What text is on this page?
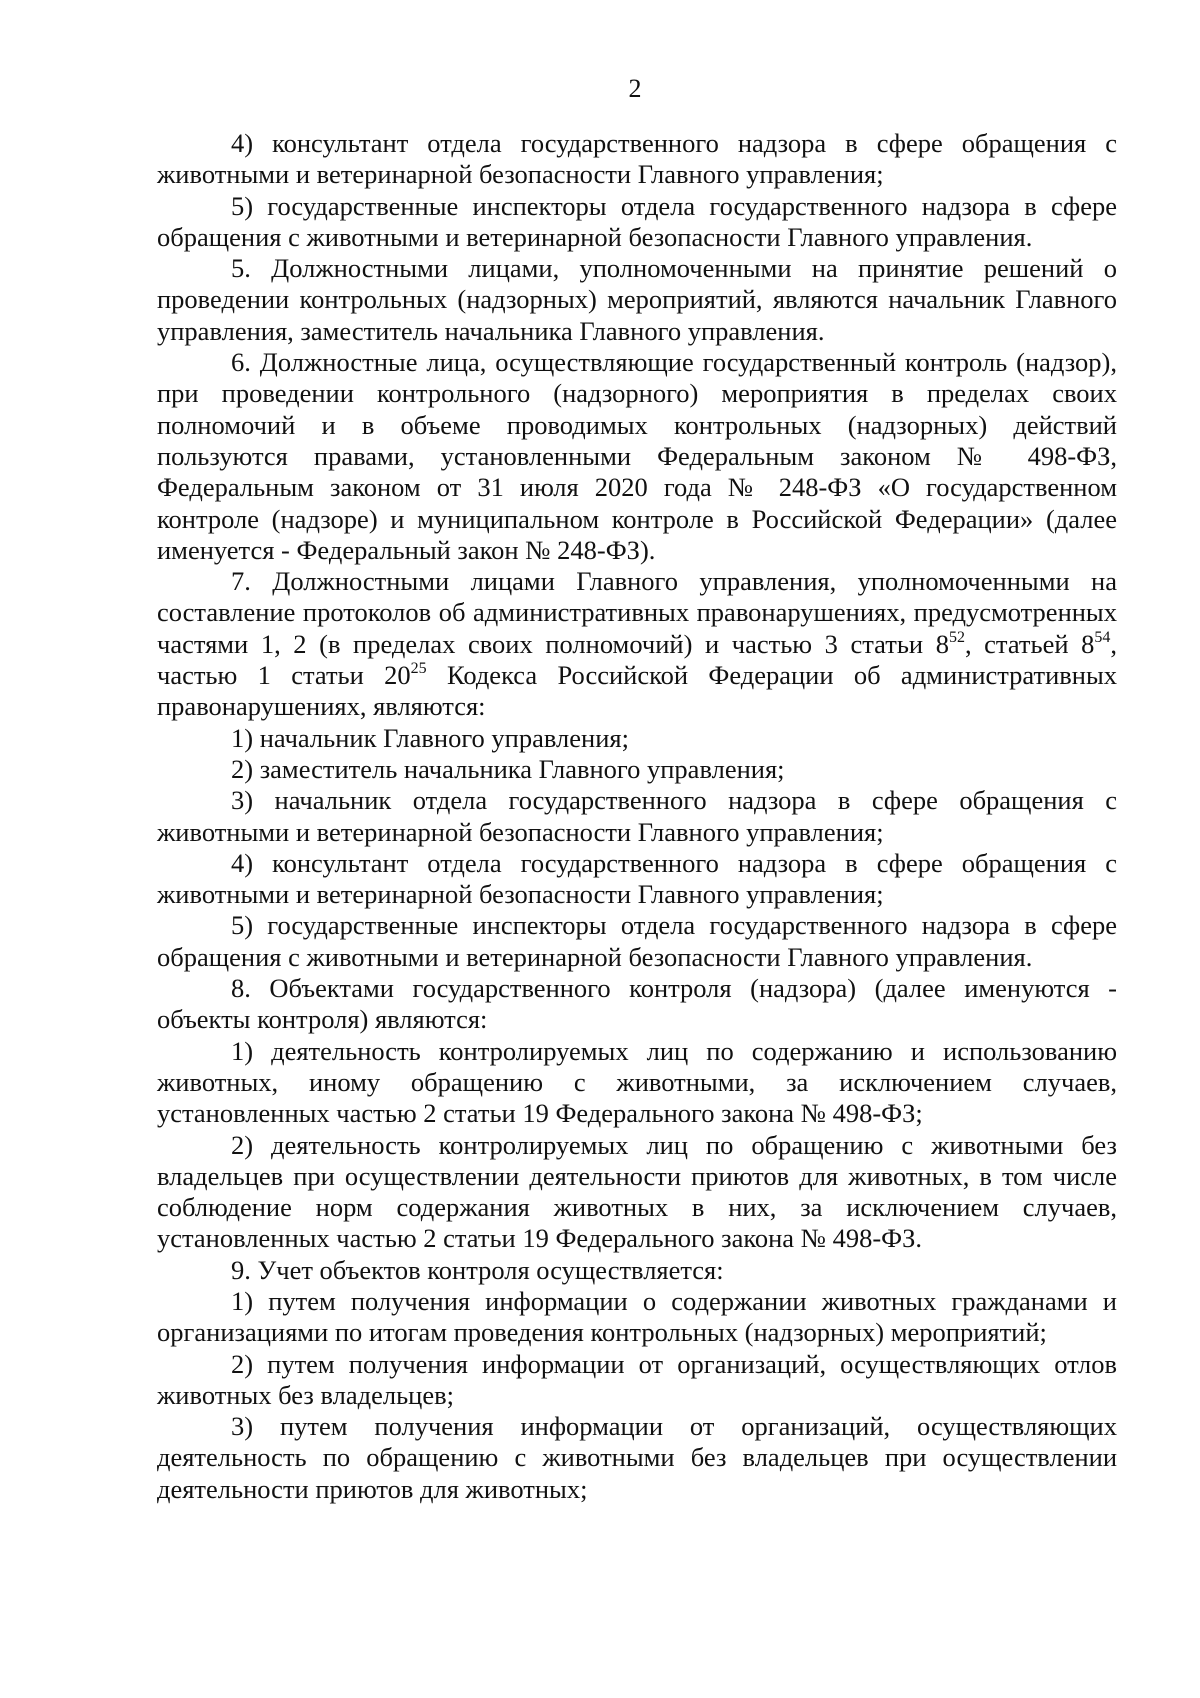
2

4) консультант отдела государственного надзора в сфере обращения с животными и ветеринарной безопасности Главного управления;

5) государственные инспекторы отдела государственного надзора в сфере обращения с животными и ветеринарной безопасности Главного управления.

5. Должностными лицами, уполномоченными на принятие решений о проведении контрольных (надзорных) мероприятий, являются начальник Главного управления, заместитель начальника Главного управления.

6. Должностные лица, осуществляющие государственный контроль (надзор), при проведении контрольного (надзорного) мероприятия в пределах своих полномочий и в объеме проводимых контрольных (надзорных) действий пользуются правами, установленными Федеральным законом № 498-ФЗ, Федеральным законом от 31 июля 2020 года № 248-ФЗ «О государственном контроле (надзоре) и муниципальном контроле в Российской Федерации» (далее именуется - Федеральный закон № 248-ФЗ).

7. Должностными лицами Главного управления, уполномоченными на составление протоколов об административных правонарушениях, предусмотренных частями 1, 2 (в пределах своих полномочий) и частью 3 статьи $8^{52}$, статьей $8^{54}$, частью 1 статьи $20^{25}$ Кодекса Российской Федерации об административных правонарушениях, являются:

1) начальник Главного управления;

2) заместитель начальника Главного управления;

3) начальник отдела государственного надзора в сфере обращения с животными и ветеринарной безопасности Главного управления;

4) консультант отдела государственного надзора в сфере обращения с животными и ветеринарной безопасности Главного управления;

5) государственные инспекторы отдела государственного надзора в сфере обращения с животными и ветеринарной безопасности Главного управления.

8. Объектами государственного контроля (надзора) (далее именуются - объекты контроля) являются:

1) деятельность контролируемых лиц по содержанию и использованию животных, иному обращению с животными, за исключением случаев, установленных частью 2 статьи 19 Федерального закона № 498-ФЗ;

2) деятельность контролируемых лиц по обращению с животными без владельцев при осуществлении деятельности приютов для животных, в том числе соблюдение норм содержания животных в них, за исключением случаев, установленных частью 2 статьи 19 Федерального закона № 498-ФЗ.

9. Учет объектов контроля осуществляется:

1) путем получения информации о содержании животных гражданами и организациями по итогам проведения контрольных (надзорных) мероприятий;

2) путем получения информации от организаций, осуществляющих отлов животных без владельцев;

3) путем получения информации от организаций, осуществляющих деятельность по обращению с животными без владельцев при осуществлении деятельности приютов для животных;
